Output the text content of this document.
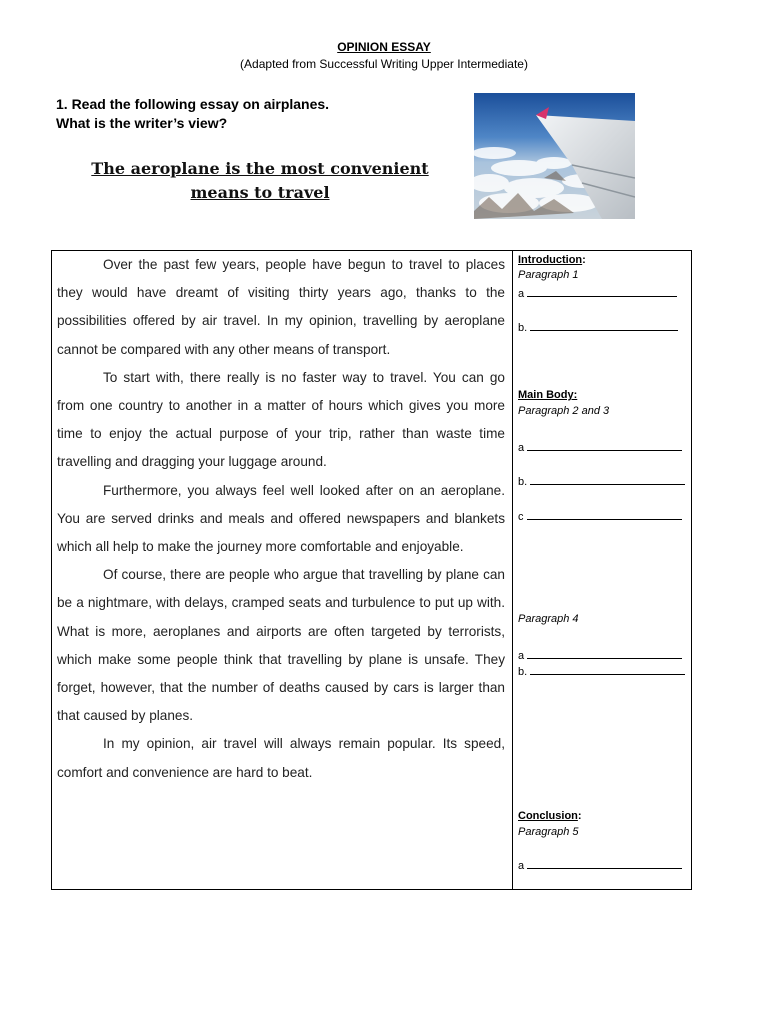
OPINION ESSAY
(Adapted from Successful Writing Upper Intermediate)
1. Read the following essay on airplanes.
What is the writer’s view?
The aeroplane is the most convenient
means to travel

Over the past few years, people have begun to travel to places they would have dreamt of visiting thirty years ago, thanks to the possibilities offered by air travel. In my opinion, travelling by aeroplane cannot be compared with any other means of transport.

To start with, there really is no faster way to travel. You can go from one country to another in a matter of hours which gives you more time to enjoy the actual purpose of your trip, rather than waste time travelling and dragging your luggage around.

Furthermore, you always feel well looked after on an aeroplane. You are served drinks and meals and offered newspapers and blankets which all help to make the journey more comfortable and enjoyable.

Of course, there are people who argue that travelling by plane can be a nightmare, with delays, cramped seats and turbulence to put up with. What is more, aeroplanes and airports are often targeted by terrorists, which make some people think that travelling by plane is unsafe. They forget, however, that the number of deaths caused by cars is larger than that caused by planes.

In my opinion, air travel will always remain popular. Its speed, comfort and convenience are hard to beat.

Introduction:
Paragraph 1
a
b.
Main Body:
Paragraph 2 and 3
a
b.
c
Paragraph 4
a
b.
Conclusion:
Paragraph 5
a
